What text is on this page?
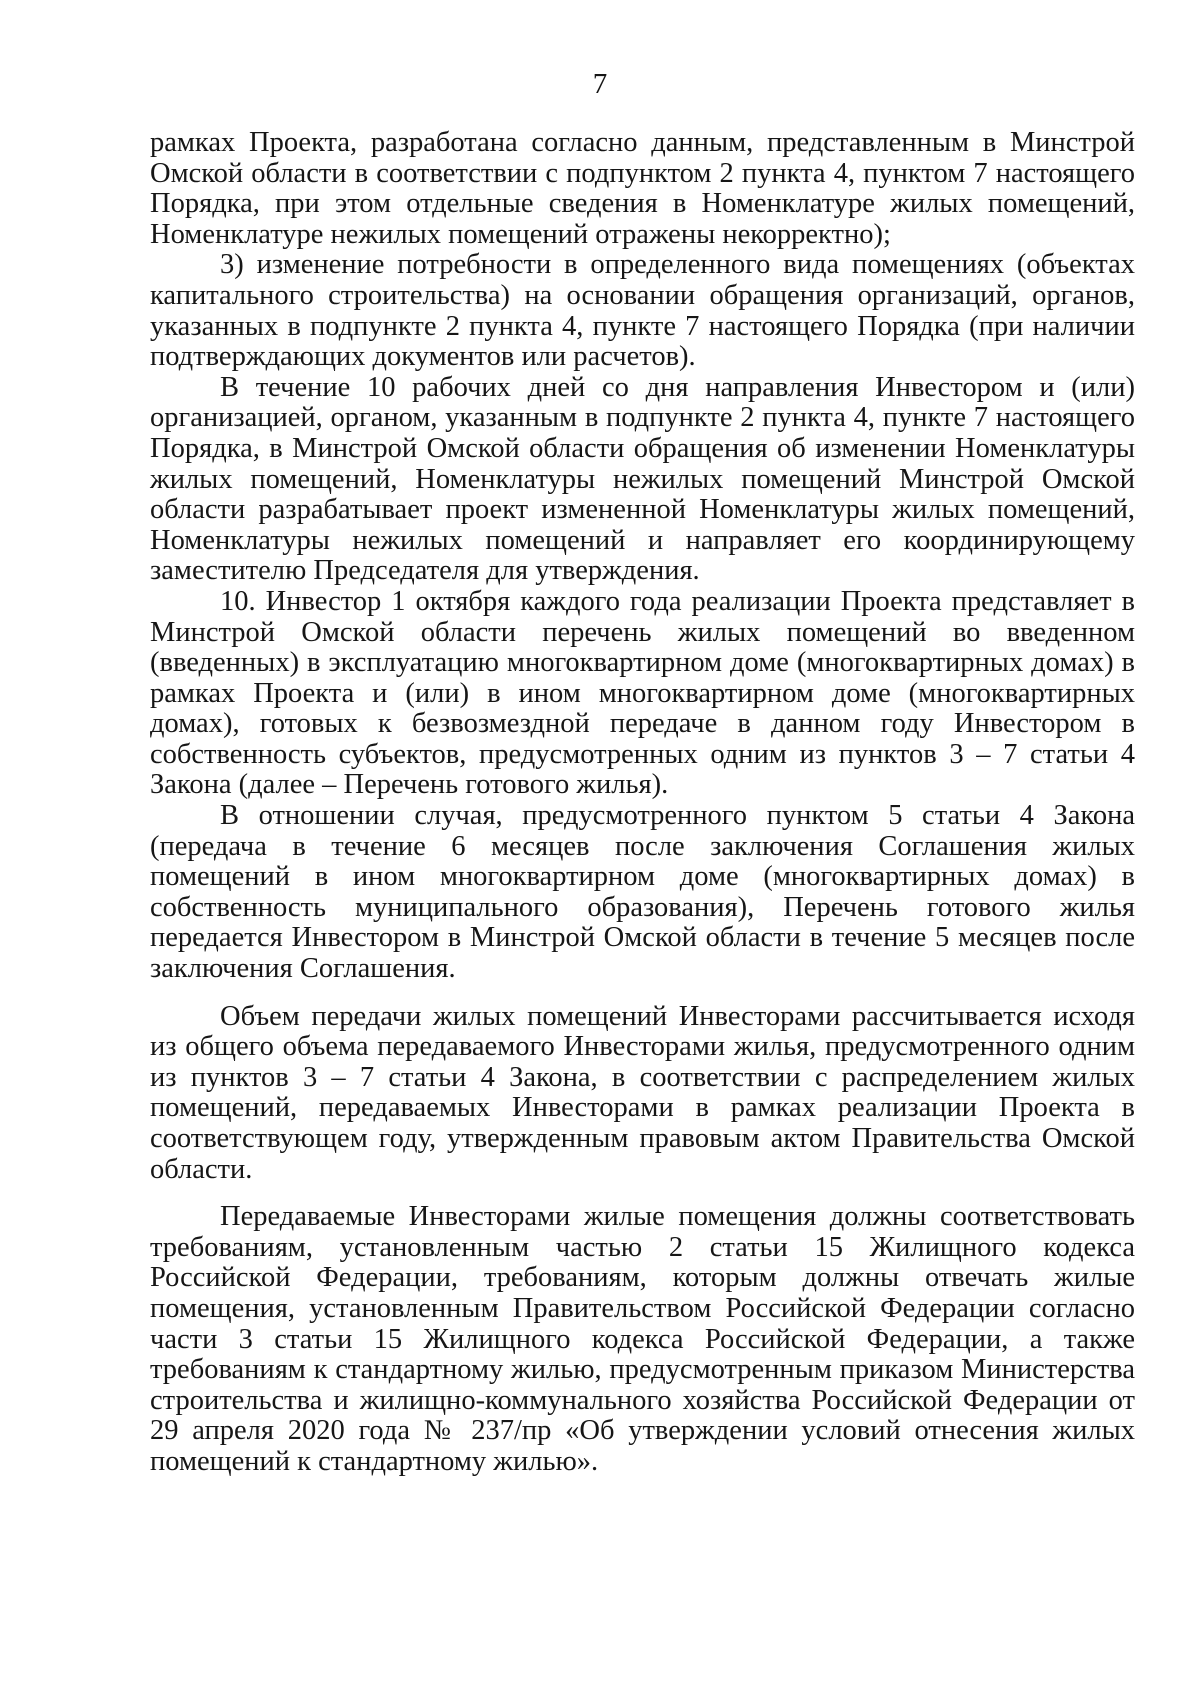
7

рамках Проекта, разработана согласно данным, представленным в Минстрой Омской области в соответствии с подпунктом 2 пункта 4, пунктом 7 настоящего Порядка, при этом отдельные сведения в Номенклатуре жилых помещений, Номенклатуре нежилых помещений отражены некорректно);

3) изменение потребности в определенного вида помещениях (объектах капитального строительства) на основании обращения организаций, органов, указанных в подпункте 2 пункта 4, пункте 7 настоящего Порядка (при наличии подтверждающих документов или расчетов).

В течение 10 рабочих дней со дня направления Инвестором и (или) организацией, органом, указанным в подпункте 2 пункта 4, пункте 7 настоящего Порядка, в Минстрой Омской области обращения об изменении Номенклатуры жилых помещений, Номенклатуры нежилых помещений Минстрой Омской области разрабатывает проект измененной Номенклатуры жилых помещений, Номенклатуры нежилых помещений и направляет его координирующему заместителю Председателя для утверждения.

10. Инвестор 1 октября каждого года реализации Проекта представляет в Минстрой Омской области перечень жилых помещений во введенном (введенных) в эксплуатацию многоквартирном доме (многоквартирных домах) в рамках Проекта и (или) в ином многоквартирном доме (многоквартирных домах), готовых к безвозмездной передаче в данном году Инвестором в собственность субъектов, предусмотренных одним из пунктов 3 – 7 статьи 4 Закона (далее – Перечень готового жилья).

В отношении случая, предусмотренного пунктом 5 статьи 4 Закона (передача в течение 6 месяцев после заключения Соглашения жилых помещений в ином многоквартирном доме (многоквартирных домах) в собственность муниципального образования), Перечень готового жилья передается Инвестором в Минстрой Омской области в течение 5 месяцев после заключения Соглашения.

Объем передачи жилых помещений Инвесторами рассчитывается исходя из общего объема передаваемого Инвесторами жилья, предусмотренного одним из пунктов 3 – 7 статьи 4 Закона, в соответствии с распределением жилых помещений, передаваемых Инвесторами в рамках реализации Проекта в соответствующем году, утвержденным правовым актом Правительства Омской области.

Передаваемые Инвесторами жилые помещения должны соответствовать требованиям, установленным частью 2 статьи 15 Жилищного кодекса Российской Федерации, требованиям, которым должны отвечать жилые помещения, установленным Правительством Российской Федерации согласно части 3 статьи 15 Жилищного кодекса Российской Федерации, а также требованиям к стандартному жилью, предусмотренным приказом Министерства строительства и жилищно-коммунального хозяйства Российской Федерации от 29 апреля 2020 года № 237/пр «Об утверждении условий отнесения жилых помещений к стандартному жилью».
